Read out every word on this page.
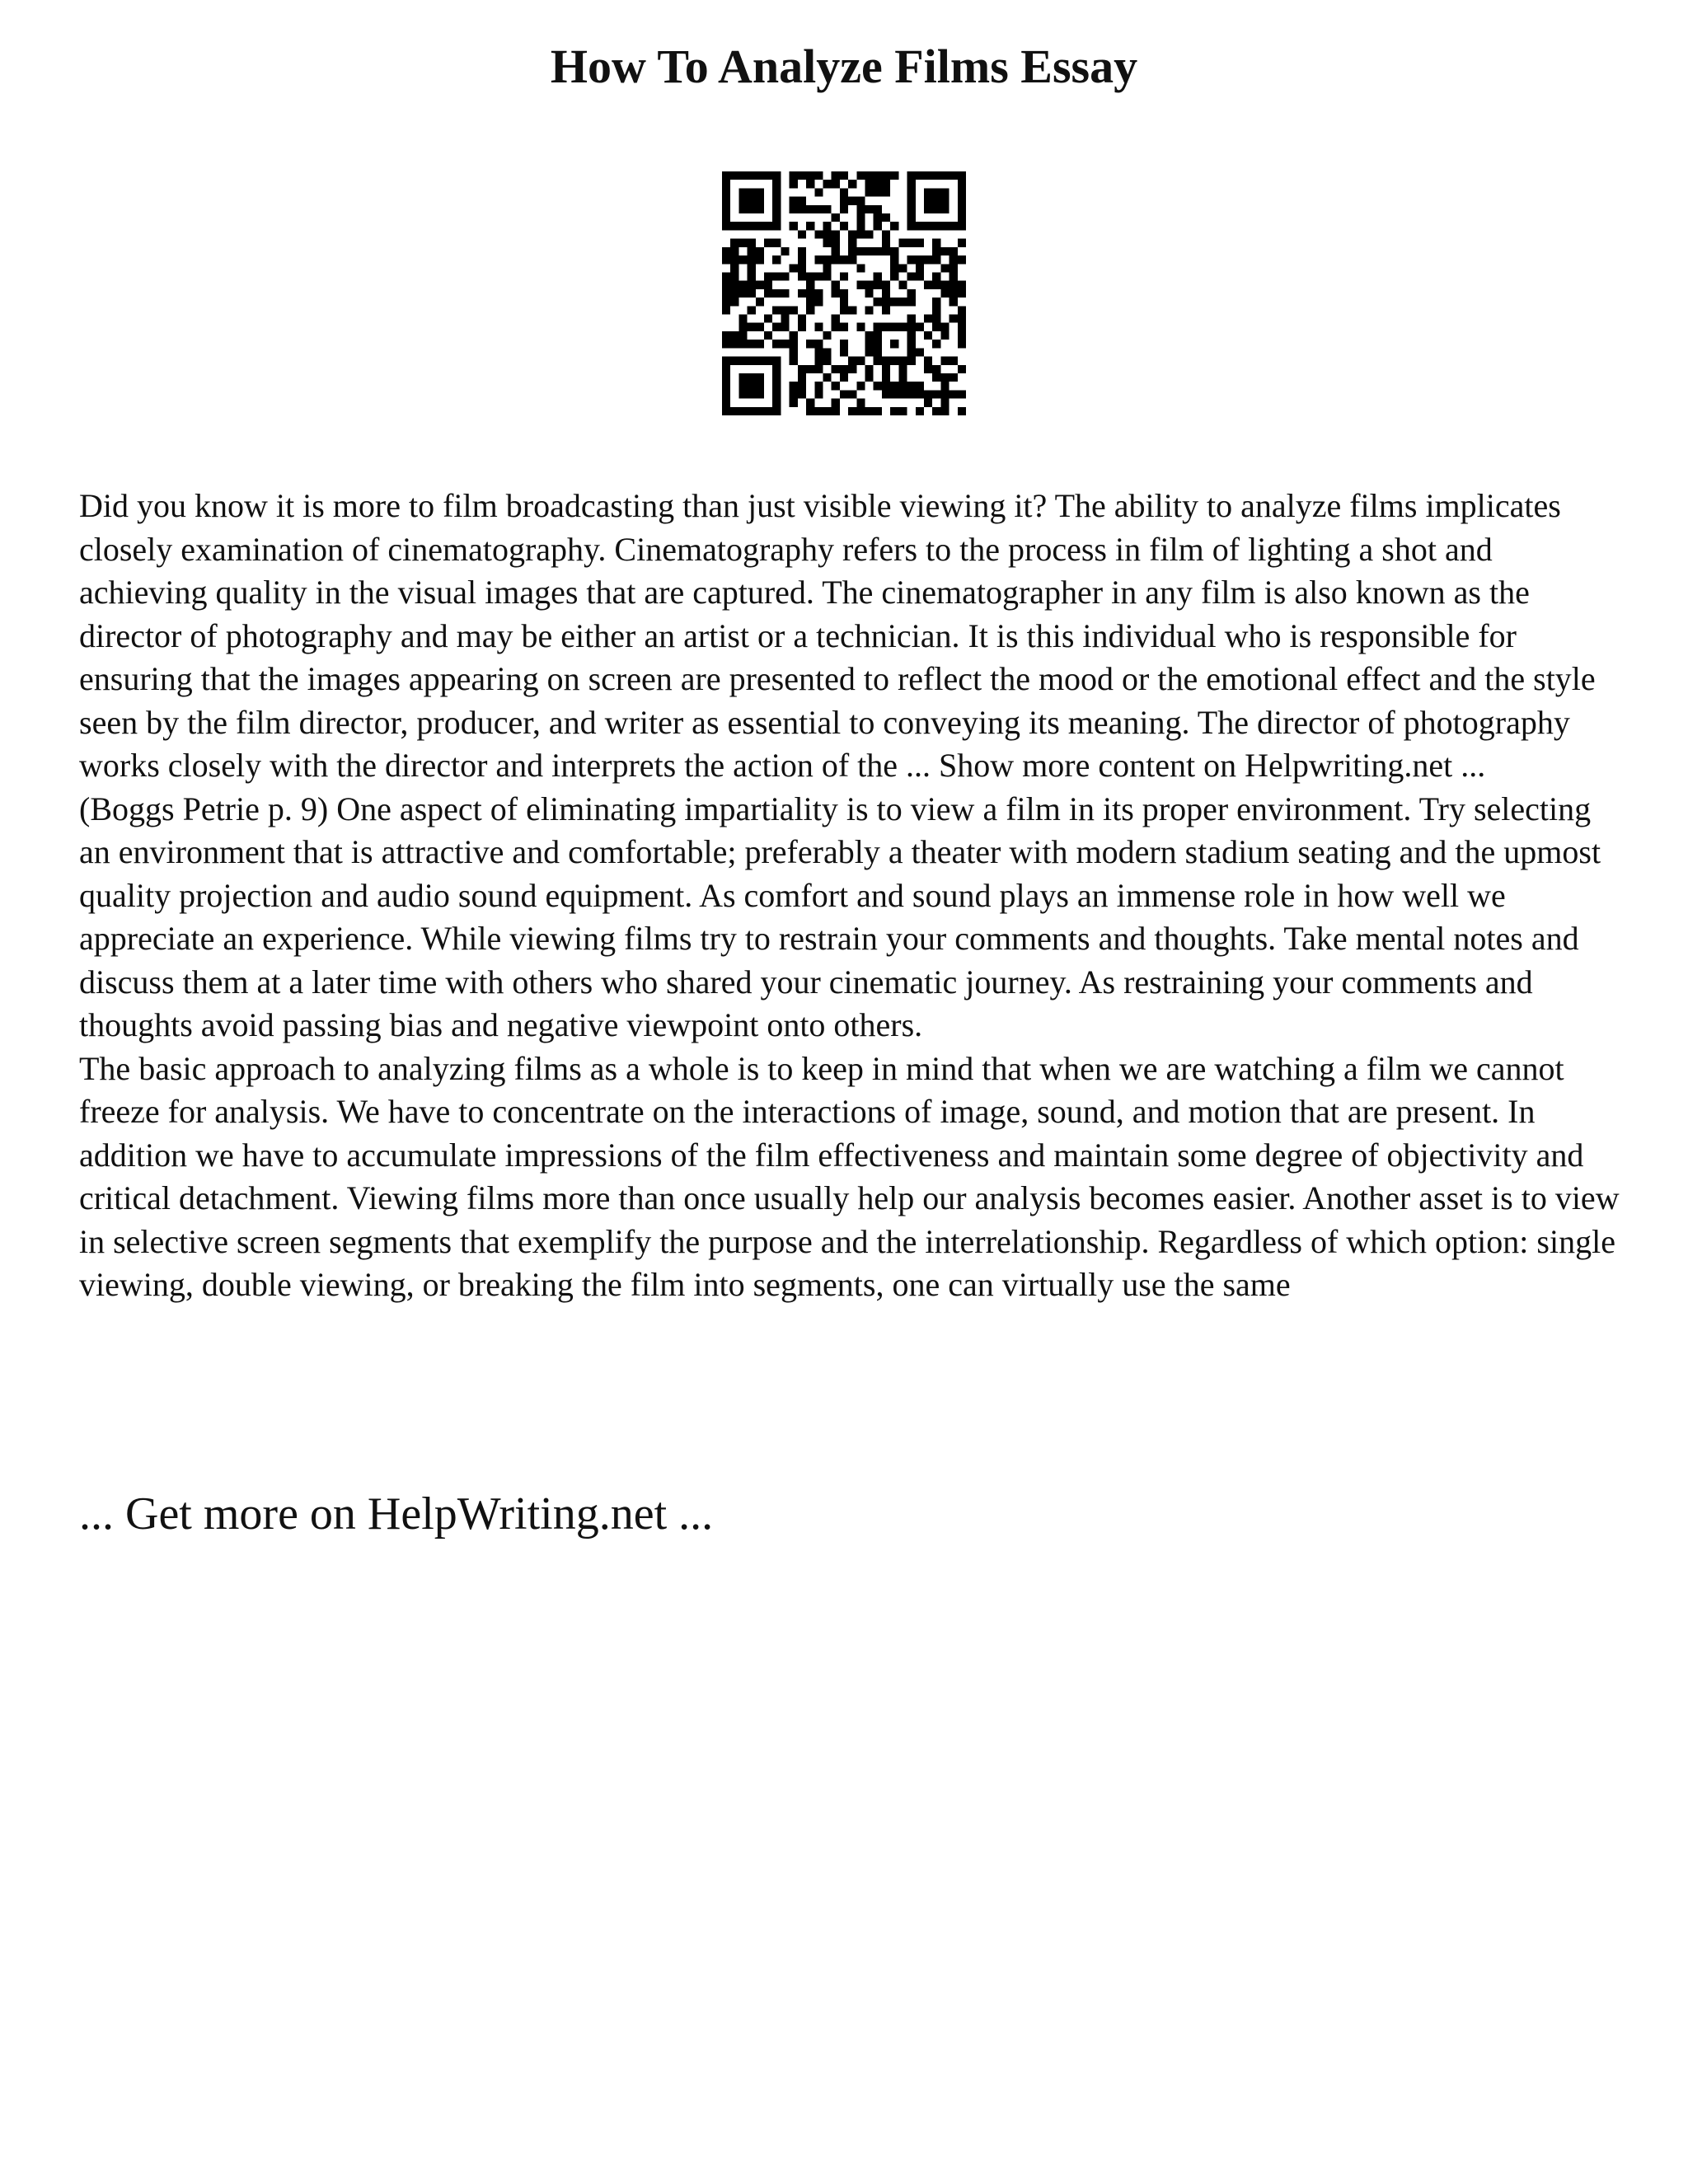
How To Analyze Films Essay

Did you know it is more to film broadcasting than just visible viewing it? The ability to analyze films implicates closely examination of cinematography. Cinematography refers to the process in film of lighting a shot and achieving quality in the visual images that are captured. The cinematographer in any film is also known as the director of photography and may be either an artist or a technician. It is this individual who is responsible for ensuring that the images appearing on screen are presented to reflect the mood or the emotional effect and the style seen by the film director, producer, and writer as essential to conveying its meaning. The director of photography works closely with the director and interprets the action of the ... Show more content on Helpwriting.net ...

(Boggs Petrie p. 9) One aspect of eliminating impartiality is to view a film in its proper environment. Try selecting an environment that is attractive and comfortable; preferably a theater with modern stadium seating and the upmost quality projection and audio sound equipment. As comfort and sound plays an immense role in how well we appreciate an experience. While viewing films try to restrain your comments and thoughts. Take mental notes and discuss them at a later time with others who shared your cinematic journey. As restraining your comments and thoughts avoid passing bias and negative viewpoint onto others.

The basic approach to analyzing films as a whole is to keep in mind that when we are watching a film we cannot freeze for analysis. We have to concentrate on the interactions of image, sound, and motion that are present. In addition we have to accumulate impressions of the film effectiveness and maintain some degree of objectivity and critical detachment. Viewing films more than once usually help our analysis becomes easier. Another asset is to view in selective screen segments that exemplify the purpose and the interrelationship. Regardless of which option: single viewing, double viewing, or breaking the film into segments, one can virtually use the same

... Get more on HelpWriting.net ...
